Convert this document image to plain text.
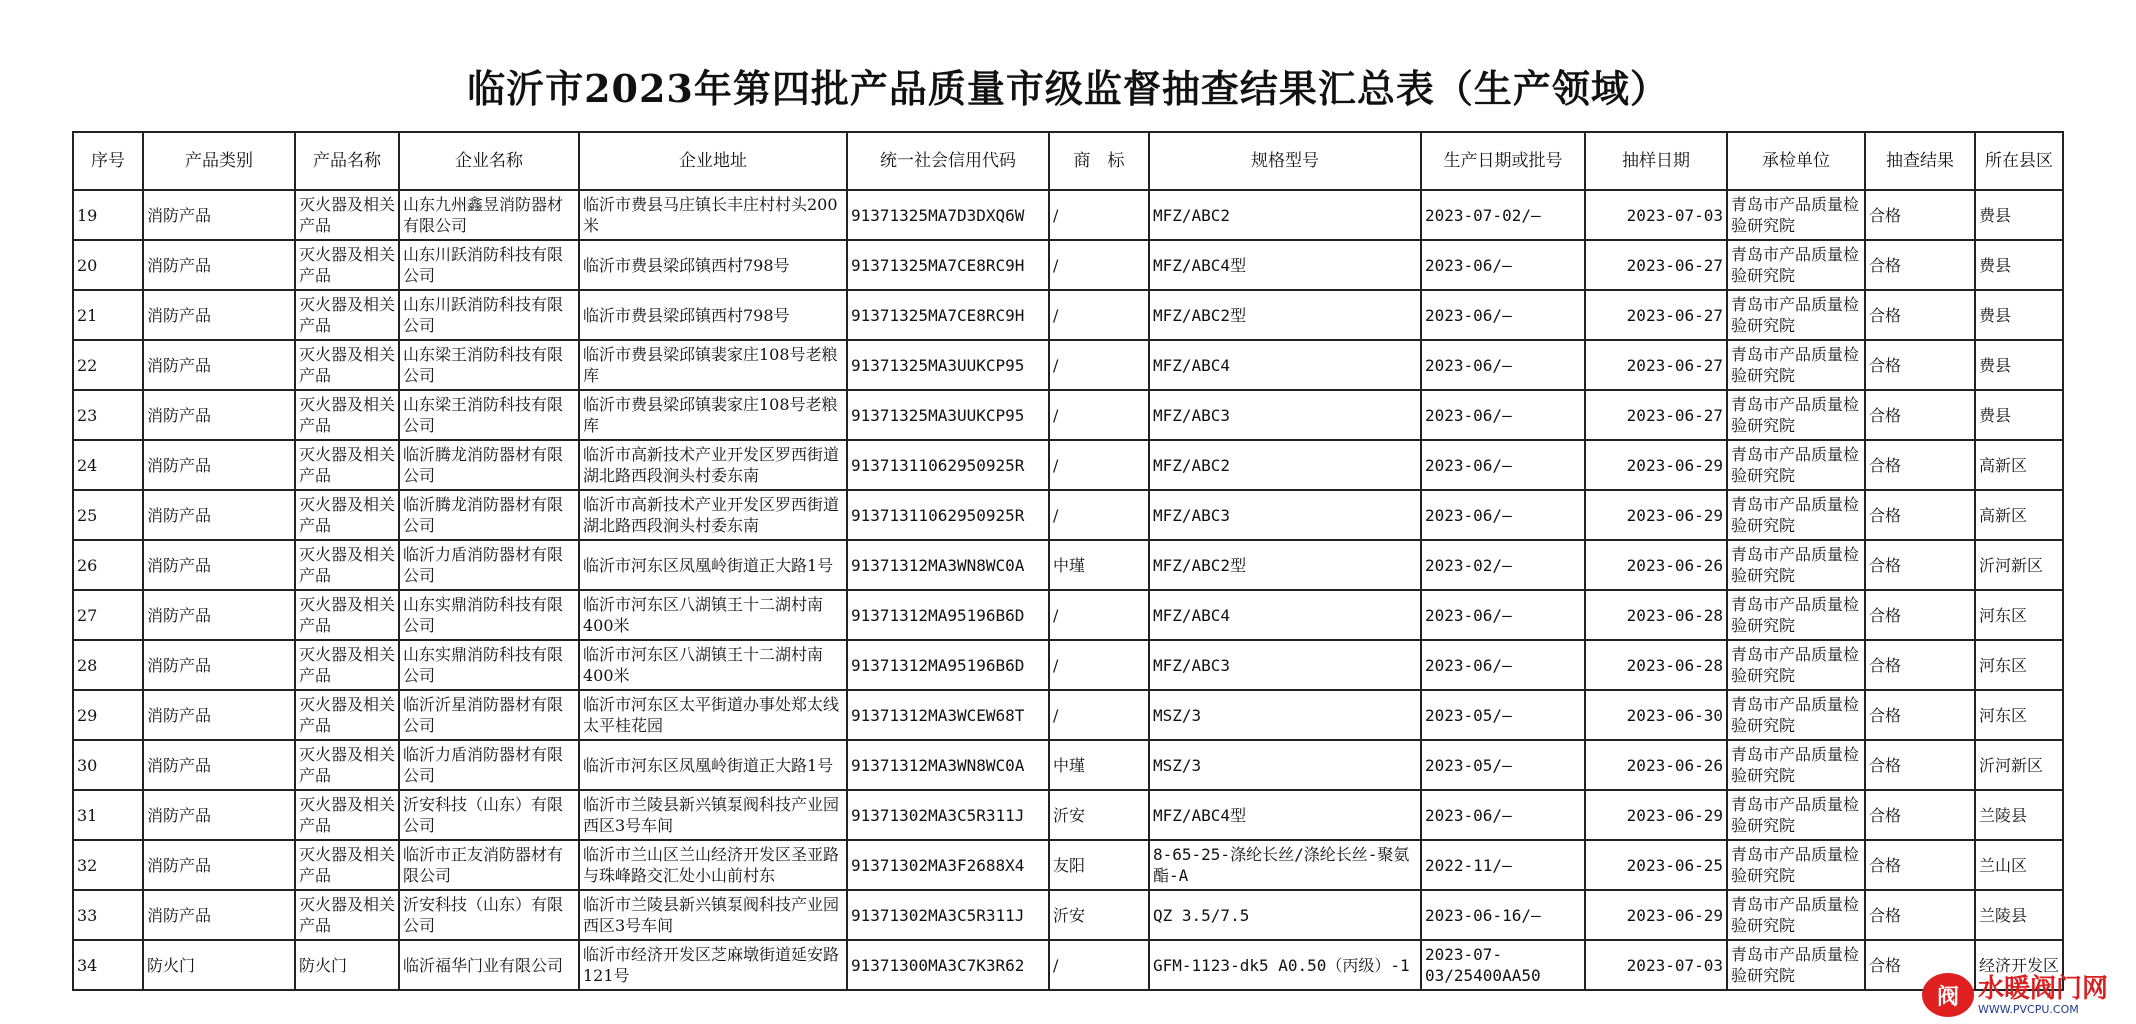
临沂市2023年第四批产品质量市级监督抽查结果汇总表（生产领域）
序号	产品类别	产品名称	企业名称	企业地址	统一社会信用代码	商　标	规格型号	生产日期或批号	抽样日期	承检单位	抽查结果	所在县区
19	消防产品	灭火器及相关产品	山东九州鑫昱消防器材有限公司	临沂市费县马庄镇长丰庄村村头200米	91371325MA7D3DXQ6W	/	MFZ/ABC2	2023-07-02/—	2023-07-03	青岛市产品质量检验研究院	合格	费县
20	消防产品	灭火器及相关产品	山东川跃消防科技有限公司	临沂市费县梁邱镇西村798号	91371325MA7CE8RC9H	/	MFZ/ABC4型	2023-06/—	2023-06-27	青岛市产品质量检验研究院	合格	费县
21	消防产品	灭火器及相关产品	山东川跃消防科技有限公司	临沂市费县梁邱镇西村798号	91371325MA7CE8RC9H	/	MFZ/ABC2型	2023-06/—	2023-06-27	青岛市产品质量检验研究院	合格	费县
22	消防产品	灭火器及相关产品	山东梁王消防科技有限公司	临沂市费县梁邱镇裴家庄108号老粮库	91371325MA3UUKCP95	/	MFZ/ABC4	2023-06/—	2023-06-27	青岛市产品质量检验研究院	合格	费县
23	消防产品	灭火器及相关产品	山东梁王消防科技有限公司	临沂市费县梁邱镇裴家庄108号老粮库	91371325MA3UUKCP95	/	MFZ/ABC3	2023-06/—	2023-06-27	青岛市产品质量检验研究院	合格	费县
24	消防产品	灭火器及相关产品	临沂腾龙消防器材有限公司	临沂市高新技术产业开发区罗西街道湖北路西段涧头村委东南	91371311062950925R	/	MFZ/ABC2	2023-06/—	2023-06-29	青岛市产品质量检验研究院	合格	高新区
25	消防产品	灭火器及相关产品	临沂腾龙消防器材有限公司	临沂市高新技术产业开发区罗西街道湖北路西段涧头村委东南	91371311062950925R	/	MFZ/ABC3	2023-06/—	2023-06-29	青岛市产品质量检验研究院	合格	高新区
26	消防产品	灭火器及相关产品	临沂力盾消防器材有限公司	临沂市河东区凤凰岭街道正大路1号	91371312MA3WN8WC0A	中瑾	MFZ/ABC2型	2023-02/—	2023-06-26	青岛市产品质量检验研究院	合格	沂河新区
27	消防产品	灭火器及相关产品	山东实鼎消防科技有限公司	临沂市河东区八湖镇王十二湖村南400米	91371312MA95196B6D	/	MFZ/ABC4	2023-06/—	2023-06-28	青岛市产品质量检验研究院	合格	河东区
28	消防产品	灭火器及相关产品	山东实鼎消防科技有限公司	临沂市河东区八湖镇王十二湖村南400米	91371312MA95196B6D	/	MFZ/ABC3	2023-06/—	2023-06-28	青岛市产品质量检验研究院	合格	河东区
29	消防产品	灭火器及相关产品	临沂沂星消防器材有限公司	临沂市河东区太平街道办事处郑太线太平桂花园	91371312MA3WCEW68T	/	MSZ/3	2023-05/—	2023-06-30	青岛市产品质量检验研究院	合格	河东区
30	消防产品	灭火器及相关产品	临沂力盾消防器材有限公司	临沂市河东区凤凰岭街道正大路1号	91371312MA3WN8WC0A	中瑾	MSZ/3	2023-05/—	2023-06-26	青岛市产品质量检验研究院	合格	沂河新区
31	消防产品	灭火器及相关产品	沂安科技（山东）有限公司	临沂市兰陵县新兴镇泵阀科技产业园西区3号车间	91371302MA3C5R311J	沂安	MFZ/ABC4型	2023-06/—	2023-06-29	青岛市产品质量检验研究院	合格	兰陵县
32	消防产品	灭火器及相关产品	临沂市正友消防器材有限公司	临沂市兰山区兰山经济开发区圣亚路与珠峰路交汇处小山前村东	91371302MA3F2688X4	友阳	8-65-25-涤纶长丝/涤纶长丝-聚氨酯-A	2022-11/—	2023-06-25	青岛市产品质量检验研究院	合格	兰山区
33	消防产品	灭火器及相关产品	沂安科技（山东）有限公司	临沂市兰陵县新兴镇泵阀科技产业园西区3号车间	91371302MA3C5R311J	沂安	QZ 3.5/7.5	2023-06-16/—	2023-06-29	青岛市产品质量检验研究院	合格	兰陵县
34	防火门	防火门	临沂福华门业有限公司	临沂市经济开发区芝麻墩街道延安路121号	91371300MA3C7K3R62	/	GFM-1123-dk5 A0.50（丙级）-1	2023-07-03/25400AA50	2023-07-03	青岛市产品质量检验研究院	合格	经济开发区
阀 水暖阀门网
WWW.PVCPU.COM
